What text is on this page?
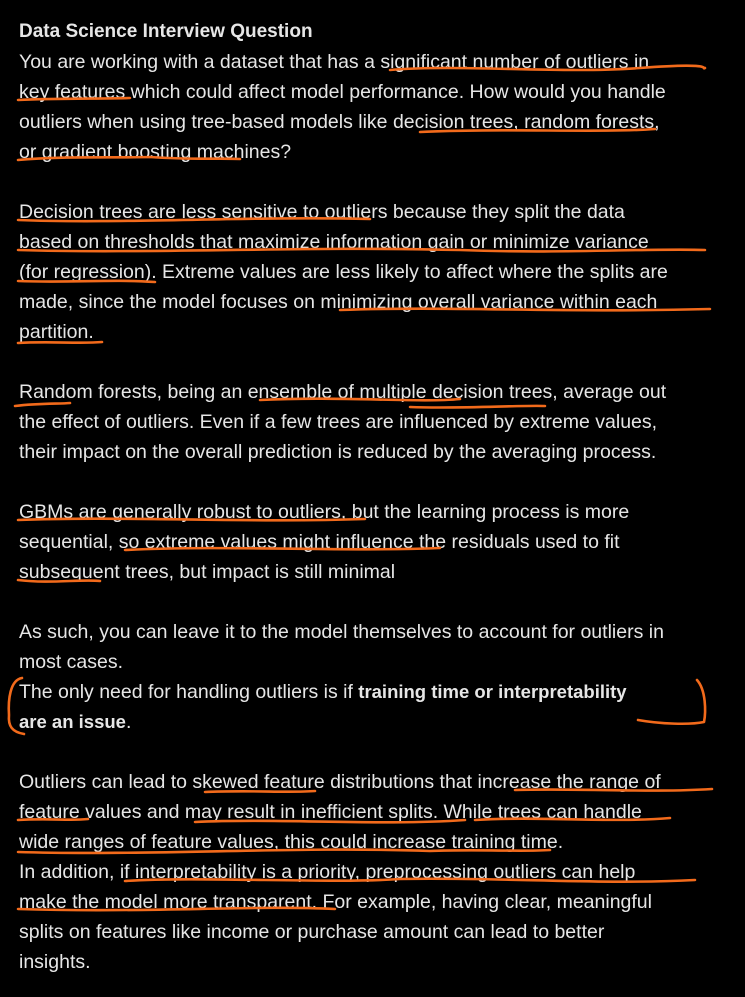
Data Science Interview Question
You are working with a dataset that has a significant number of outliers in
key features which could affect model performance. How would you handle
outliers when using tree-based models like decision trees, random forests,
or gradient boosting machines?
Decision trees are less sensitive to outliers because they split the data
based on thresholds that maximize information gain or minimize variance
(for regression). Extreme values are less likely to affect where the splits are
made, since the model focuses on minimizing overall variance within each
partition.
Random forests, being an ensemble of multiple decision trees, average out
the effect of outliers. Even if a few trees are influenced by extreme values,
their impact on the overall prediction is reduced by the averaging process.
GBMs are generally robust to outliers, but the learning process is more
sequential, so extreme values might influence the residuals used to fit
subsequent trees, but impact is still minimal
As such, you can leave it to the model themselves to account for outliers in
most cases.
The only need for handling outliers is if training time or interpretability
are an issue.
Outliers can lead to skewed feature distributions that increase the range of
feature values and may result in inefficient splits. While trees can handle
wide ranges of feature values, this could increase training time.
In addition, if interpretability is a priority, preprocessing outliers can help
make the model more transparent. For example, having clear, meaningful
splits on features like income or purchase amount can lead to better
insights.
